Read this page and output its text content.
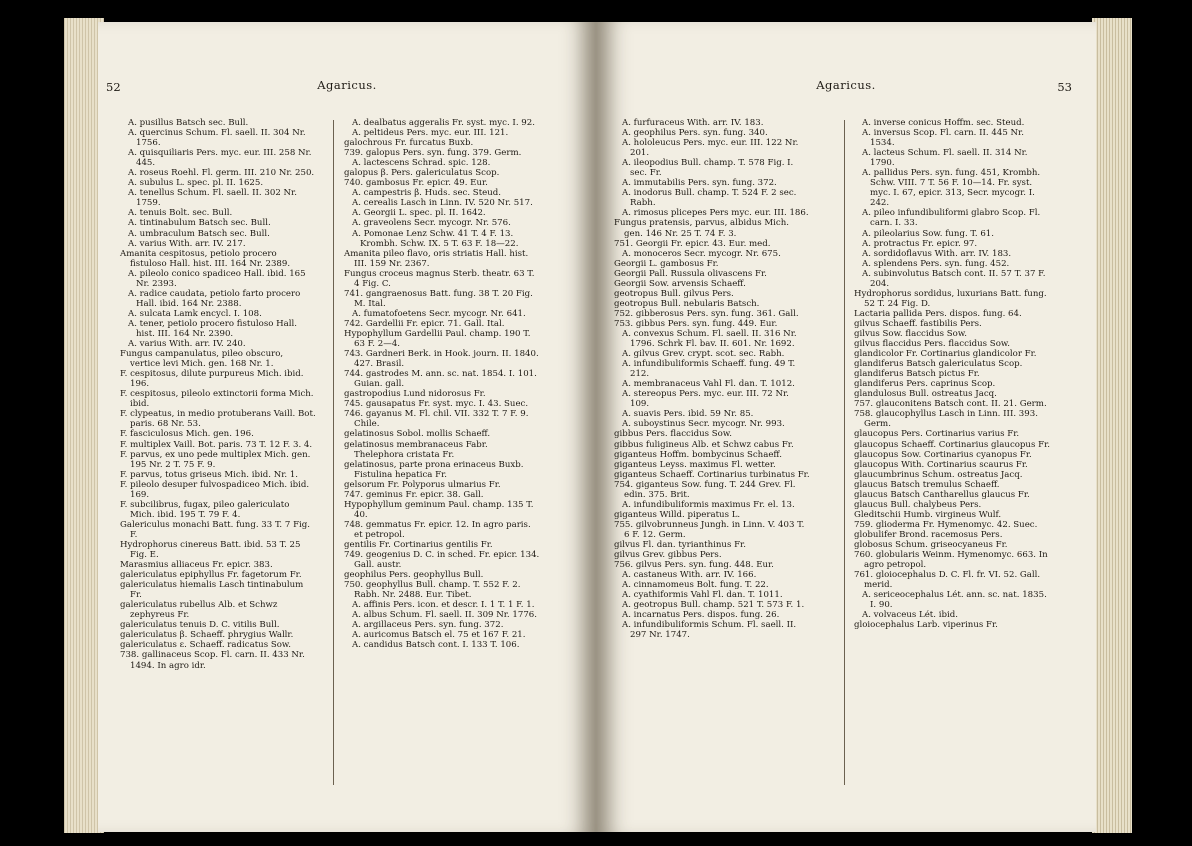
52	Agaricus.

A. pusillus Batsch sec. Bull.

A. quercinus Schum. Fl. saell. II. 304 Nr. 1756.

A. quisquiliaris Pers. myc. eur. III. 258 Nr. 445.

A. roseus Roehl. Fl. germ. III. 210 Nr. 250.

A. subulus L. spec. pl. II. 1625.

A. tenellus Schum. Fl. saell. II. 302 Nr. 1759.

A. tenuis Bolt. sec. Bull.

A. tintinabulum Batsch sec. Bull.

A. umbraculum Batsch sec. Bull.

A. varius With. arr. IV. 217.

Amanita cespitosus, petiolo procero fistuloso Hall. hist. III. 164 Nr. 2389.

A. pileolo conico spadiceo Hall. ibid. 165 Nr. 2393.

A. radice caudata, petiolo farto procero Hall. ibid. 164 Nr. 2388.

A. sulcata Lamk encycl. I. 108.

A. tener, petiolo procero fistuloso Hall. hist. III. 164 Nr. 2390.

A. varius With. arr. IV. 240.

Fungus campanulatus, pileo obscuro, vertice levi Mich. gen. 168 Nr. 1.

F. cespitosus, dilute purpureus Mich. ibid. 196.

F. cespitosus, pileolo extinctorii forma Mich. ibid.

F. clypeatus, in medio protuberans Vaill. Bot. paris. 68 Nr. 53.

F. fasciculosus Mich. gen. 196.

F. multiplex Vaill. Bot. paris. 73 T. 12 F. 3. 4.

F. parvus, ex uno pede multiplex Mich. gen. 195 Nr. 2 T. 75 F. 9.

F. parvus, totus griseus Mich. ibid. Nr. 1.

F. pileolo desuper fulvospadiceo Mich. ibid. 169.

F. subcilibrus, fugax, pileo galericulato Mich. ibid. 195 T. 79 F. 4.

Galericulus monachi Batt. fung. 33 T. 7 Fig. F.

Hydrophorus cinereus Batt. ibid. 53 T. 25 Fig. E.

Marasmius alliaceus Fr. epicr. 383.

galericulatus epiphyllus Fr. fagetorum Fr.

galericulatus hiemalis Lasch tintinabulum Fr.

galericulatus rubellus Alb. et Schwz zephyreus Fr.

galericulatus tenuis D. C. vitilis Bull.

galericulatus β. Schaeff. phrygius Wallr.

galericulatus ε. Schaeff. radicatus Sow.

738. gallinaceus Scop. Fl. carn. II. 433 Nr. 1494. In agro idr.

A. dealbatus aggeralis Fr. syst. myc. I. 92.

A. peltideus Pers. myc. eur. III. 121.

galochrous Fr. furcatus Buxb.

739. galopus Pers. syn. fung. 379. Germ.

A. lactescens Schrad. spic. 128.

galopus β. Pers. galericulatus Scop.

740. gambosus Fr. epicr. 49. Eur.

A. campestris β. Huds. sec. Steud.

A. cerealis Lasch in Linn. IV. 520 Nr. 517.

A. Georgii L. spec. pl. II. 1642.

A. graveolens Secr. mycogr. Nr. 576.

A. Pomonae Lenz Schw. 41 T. 4 F. 13. Krombh. Schw. IX. 5 T. 63 F. 18—22.

Amanita pileo flavo, oris striatis Hall. hist. III. 159 Nr. 2367.

Fungus croceus magnus Sterb. theatr. 63 T. 4 Fig. C.

741. gangraenosus Batt. fung. 38 T. 20 Fig. M. Ital.

A. fumatofoetens Secr. mycogr. Nr. 641.

742. Gardellii Fr. epicr. 71. Gall. Ital.

Hypophyllum Gardellii Paul. champ. 190 T. 63 F. 2—4.

743. Gardneri Berk. in Hook. journ. II. 1840. 427. Brasil.

744. gastrodes M. ann. sc. nat. 1854. I. 101. Guian. gall.

gastropodius Lund nidorosus Fr.

745. gausapatus Fr. syst. myc. I. 43. Suec.

746. gayanus M. Fl. chil. VII. 332 T. 7 F. 9. Chile.

gelatinosus Sobol. mollis Schaeff.

gelatinosus membranaceus Fabr. Thelephora cristata Fr.

gelatinosus, parte prona erinaceus Buxb. Fistulina hepatica Fr.

gelsorum Fr. Polyporus ulmarius Fr.

747. geminus Fr. epicr. 38. Gall.

Hypophyllum geminum Paul. champ. 135 T. 40.

748. gemmatus Fr. epicr. 12. In agro paris. et petropol.

gentilis Fr. Cortinarius gentilis Fr.

749. geogenius D. C. in sched. Fr. epicr. 134. Gall. austr.

geophilus Pers. geophyllus Bull.

750. geophyllus Bull. champ. T. 552 F. 2. Rabh. Nr. 2488. Eur. Tibet.

A. affinis Pers. icon. et descr. I. 1 T. 1 F. 1.

A. albus Schum. Fl. saell. II. 309 Nr. 1776.

A. argillaceus Pers. syn. fung. 372.

A. auricomus Batsch el. 75 et 167 F. 21.

A. candidus Batsch cont. I. 133 T. 106.

53
Agaricus.

A. furfuraceus With. arr. IV. 183.

A. geophilus Pers. syn. fung. 340.

A. hololeucus Pers. myc. eur. III. 122 Nr. 201.

A. ileopodius Bull. champ. T. 578 Fig. I. sec. Fr.

A. immutabilis Pers. syn. fung. 372.

A. inodorus Bull. champ. T. 524 F. 2 sec. Rabh.

A. rimosus plicepes Pers myc. eur. III. 186.

Fungus pratensis, parvus, albidus Mich. gen. 146 Nr. 25 T. 74 F. 3.

751. Georgii Fr. epicr. 43. Eur. med.

A. monoceros Secr. mycogr. Nr. 675.

Georgii L. gambosus Fr.

Georgii Pall. Russula olivascens Fr.

Georgii Sow. arvensis Schaeff.

geotropus Bull. gilvus Pers.

geotropus Bull. nebularis Batsch.

752. gibberosus Pers. syn. fung. 361. Gall.

753. gibbus Pers. syn. fung. 449. Eur.

A. convexus Schum. Fl. saell. II. 316 Nr. 1796. Schrk Fl. bav. II. 601. Nr. 1692.

A. gilvus Grev. crypt. scot. sec. Rabh.

A. infundibuliformis Schaeff. fung. 49 T. 212.

A. membranaceus Vahl Fl. dan. T. 1012.

A. stereopus Pers. myc. eur. III. 72 Nr. 109.

A. suavis Pers. ibid. 59 Nr. 85.

A. suboystinus Secr. mycogr. Nr. 993.

gibbus Pers. flaccidus Sow.

gibbus fuligineus Alb. et Schwz cabus Fr.

giganteus Hoffm. bombycinus Schaeff.

giganteus Leyss. maximus Fl. wetter.

giganteus Schaeff. Cortinarius turbinatus Fr.

754. giganteus Sow. fung. T. 244 Grev. Fl. edin. 375. Brit.

A. infundibuliformis maximus Fr. el. 13.

giganteus Willd. piperatus L.

755. gilvobrunneus Jungh. in Linn. V. 403 T. 6 F. 12. Germ.

gilvus Fl. dan. tyrianthinus Fr.

gilvus Grev. gibbus Pers.

756. gilvus Pers. syn. fung. 448. Eur.

A. castaneus With. arr. IV. 166.

A. cinnamomeus Bolt. fung. T. 22.

A. cyathiformis Vahl Fl. dan. T. 1011.

A. geotropus Bull. champ. 521 T. 573 F. 1.

A. incarnatus Pers. dispos. fung. 26.

A. infundibuliformis Schum. Fl. saell. II. 297 Nr. 1747.

A. inverse conicus Hoffm. sec. Steud.

A. inversus Scop. Fl. carn. II. 445 Nr. 1534.

A. lacteus Schum. Fl. saell. II. 314 Nr. 1790.

A. pallidus Pers. syn. fung. 451, Krombh. Schw. VIII. 7 T. 56 F. 10—14. Fr. syst. myc. I. 67, epicr. 313, Secr. mycogr. I. 242.

A. pileo infundibuliformi glabro Scop. Fl. carn. I. 33.

A. pileolarius Sow. fung. T. 61.

A. protractus Fr. epicr. 97.

A. sordidoflavus With. arr. IV. 183.

A. splendens Pers. syn. fung. 452.

A. subinvolutus Batsch cont. II. 57 T. 37 F. 204.

Hydrophorus sordidus, luxurians Batt. fung. 52 T. 24 Fig. D.

Lactaria pallida Pers. dispos. fung. 64.

gilvus Schaeff. fastibilis Pers.

gilvus Sow. flaccidus Sow.

gilvus flaccidus Pers. flaccidus Sow.

glandicolor Fr. Cortinarius glandicolor Fr.

glandiferus Batsch galericulatus Scop.

glandiferus Batsch pictus Fr.

glandiferus Pers. caprinus Scop.

glandulosus Bull. ostreatus Jacq.

757. glauconitens Batsch cont. II. 21. Germ.

758. glaucophyllus Lasch in Linn. III. 393. Germ.

glaucopus Pers. Cortinarius varius Fr.

glaucopus Schaeff. Cortinarius glaucopus Fr.

glaucopus Sow. Cortinarius cyanopus Fr.

glaucopus With. Cortinarius scaurus Fr.

glaucumbrinus Schum. ostreatus Jacq.

glaucus Batsch tremulus Schaeff.

glaucus Batsch Cantharellus glaucus Fr.

glaucus Bull. chalybeus Pers.

Gleditschii Humb. virgineus Wulf.

759. glioderma Fr. Hymenomyc. 42. Suec.

globulifer Brond. racemosus Pers.

globosus Schum. griseocyaneus Fr.

760. globularis Weinm. Hymenomyc. 663. In agro petropol.

761. gloiocephalus D. C. Fl. fr. VI. 52. Gall. merid.

A. sericeocephalus Lét. ann. sc. nat. 1835. I. 90.

A. volvaceus Lét. ibid.

gloiocephalus Larb. viperinus Fr.
